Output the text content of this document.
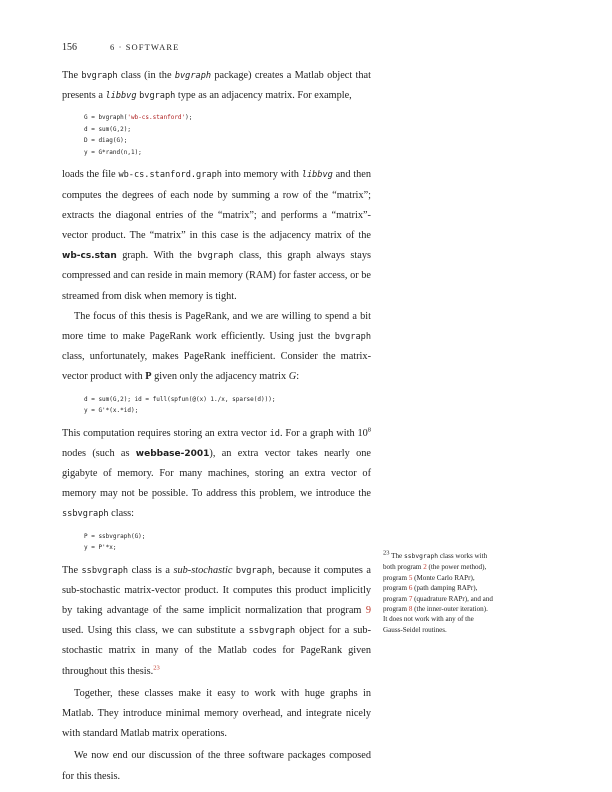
156	6 · SOFTWARE

The bvgraph class (in the bvgraph package) creates a Matlab object that presents a libbvg bvgraph type as an adjacency matrix. For example,

G = bvgraph('wb-cs.stanford');
d = sum(G,2);
D = diag(G);
y = G*rand(n,1);

loads the file wb-cs.stanford.graph into memory with libbvg and then computes the degrees of each node by summing a row of the “matrix”; extracts the diagonal entries of the “matrix”; and performs a “matrix”-vector product. The “matrix” in this case is the adjacency matrix of the wb-cs.stan graph. With the bvgraph class, this graph always stays compressed and can reside in main memory (RAM) for faster access, or be streamed from disk when memory is tight.

The focus of this thesis is PageRank, and we are willing to spend a bit more time to make PageRank work efficiently. Using just the bvgraph class, unfortunately, makes PageRank inefficient. Consider the matrix-vector product with P given only the adjacency matrix G:

d = sum(G,2); id = full(spfun(@(x) 1./x, sparse(d)));
y = G'*(x.*id);

This computation requires storing an extra vector id. For a graph with $10^8$ nodes (such as webbase-2001), an extra vector takes nearly one gigabyte of memory. For many machines, storing an extra vector of memory may not be possible. To address this problem, we introduce the ssbvgraph class:

P = ssbvgraph(G);
y = P'*x;

The ssbvgraph class is a sub-stochastic bvgraph, because it computes a sub-stochastic matrix-vector product. It computes this product implicitly by taking advantage of the same implicit normalization that program 9 used. Using this class, we can substitute a ssbvgraph object for a sub-stochastic matrix in many of the Matlab codes for PageRank given throughout this thesis.$^{23}$

Together, these classes make it easy to work with huge graphs in Matlab. They introduce minimal memory overhead, and integrate nicely with standard Matlab matrix operations.

We now end our discussion of the three software packages composed for this thesis.

$^{23}$ The ssbvgraph class works with both program 2 (the power method), program 5 (Monte Carlo RAPr), program 6 (path damping RAPr), program 7 (quadrature RAPr), and and program 8 (the inner-outer iteration). It does not work with any of the Gauss-Seidel routines.
